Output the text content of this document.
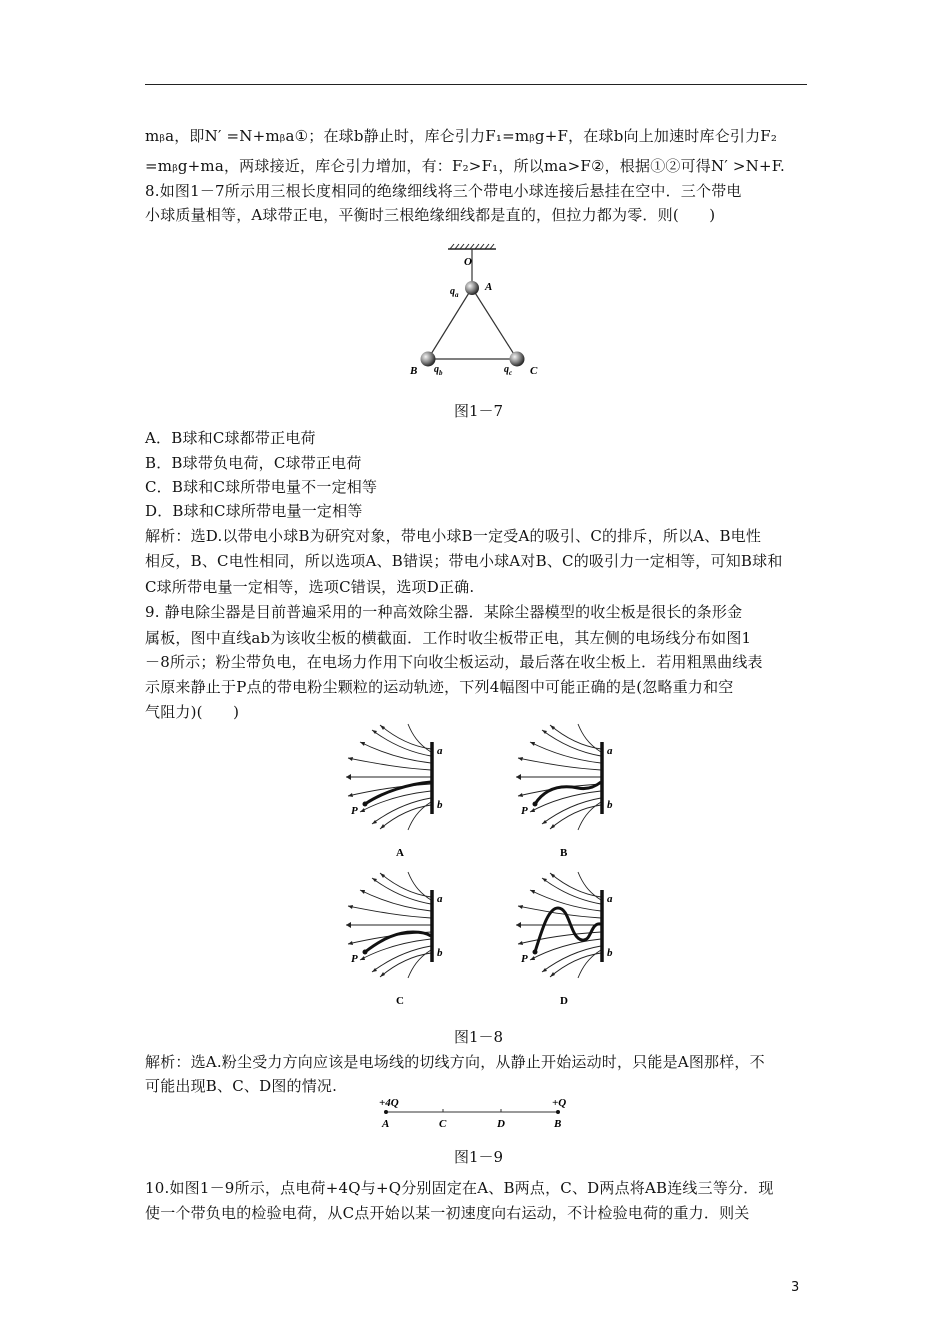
mᵦa，即N′ =N+mᵦa①；在球b静止时，库仑引力F₁=mᵦg+F，在球b向上加速时库仑引力F₂
=mᵦg+ma，两球接近，库仑引力增加，有：F₂>F₁，所以ma>F②，根据①②可得N′ >N+F.
8.如图1－7所示用三根长度相同的绝缘细线将三个带电小球连接后悬挂在空中．三个带电
小球质量相等，A球带正电，平衡时三根绝缘细线都是直的，但拉力都为零．则(　　)
O
A
$q_a$
B $q_b$	$q_c$ C
图1－7
A．B球和C球都带正电荷
B．B球带负电荷，C球带正电荷
C．B球和C球所带电量不一定相等
D．B球和C球所带电量一定相等
解析：选D.以带电小球B为研究对象，带电小球B一定受A的吸引、C的排斥，所以A、B电性
相反，B、C电性相同，所以选项A、B错误；带电小球A对B、C的吸引力一定相等，可知B球和
C球所带电量一定相等，选项C错误，选项D正确.
9. 静电除尘器是目前普遍采用的一种高效除尘器．某除尘器模型的收尘板是很长的条形金
属板，图中直线ab为该收尘板的横截面．工作时收尘板带正电，其左侧的电场线分布如图1
－8所示；粉尘带负电，在电场力作用下向收尘板运动，最后落在收尘板上．若用粗黑曲线表
示原来静止于P点的带电粉尘颗粒的运动轨迹，下列4幅图中可能正确的是(忽略重力和空
气阻力)(　　)
a
b
P
A
a
b
P
B
a
b
P
C
a
b
P
D
图1－8
解析：选A.粉尘受力方向应该是电场线的切线方向，从静止开始运动时，只能是A图那样，不
可能出现B、C、D图的情况.
+4Q	+Q
A	C	D	B
图1－9
10.如图1－9所示，点电荷+4Q与+Q分别固定在A、B两点，C、D两点将AB连线三等分．现
使一个带负电的检验电荷，从C点开始以某一初速度向右运动，不计检验电荷的重力．则关
3
